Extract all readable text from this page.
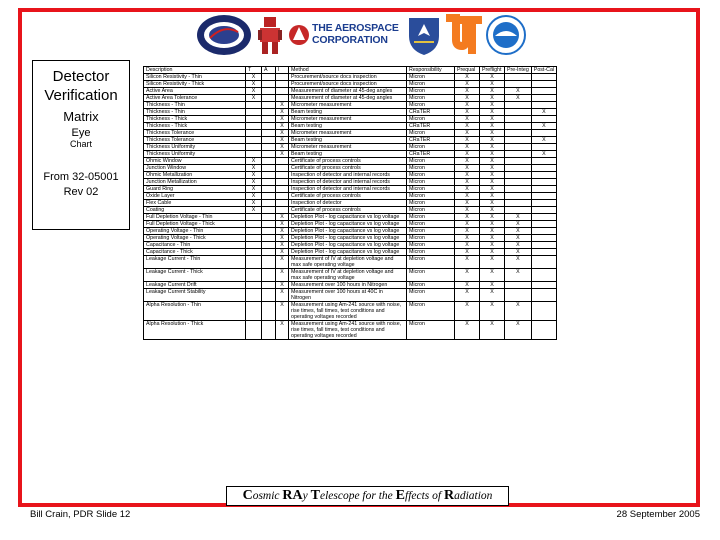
THE AEROSPACE
CORPORATION
Detector
Verification
Matrix
Eye
Chart
From 32-05001
Rev 02
Description	T	A	I	Method	Responsibility	Prequal	Preflight	Pre-Integ	Post-Cal
Silicon Resistivity - Thin	X			Procurement/source docs inspection	Micron	X	X		
Silicon Resistivity - Thick	X			Procurement/source docs inspection	Micron	X	X		
Active Area	X			Measurement of diameter at 45-deg angles	Micron	X	X	X	
Active Area Tolerance	X			Measurement of diameter at 45-deg angles	Micron	X	X	X	
Thickness - Thin			X	Micrometer measurement	Micron	X	X		
Thickness - Thin			X	Beam testing	CRaTER	X	X		X
Thickness - Thick			X	Micrometer measurement	Micron	X	X		
Thickness - Thick			X	Beam testing	CRaTER	X	X		X
Thickness Tolerance			X	Micrometer measurement	Micron	X	X		
Thickness Tolerance			X	Beam testing	CRaTER	X	X		X
Thickness Uniformity			X	Micrometer measurement	Micron	X	X		
Thickness Uniformity			X	Beam testing	CRaTER	X	X		X
Ohmic Window	X			Certificate of process controls	Micron	X	X		
Junction Window	X			Certificate of process controls	Micron	X	X		
Ohmic Metallization	X			Inspection of detector and internal records	Micron	X	X		
Junction Metallization	X			Inspection of detector and internal records	Micron	X	X		
Guard Ring	X			Inspection of detector and internal records	Micron	X	X		
Oxide Layer	X			Certificate of process controls	Micron	X	X		
Flex Cable	X			Inspection of detector	Micron	X	X		
Coating	X			Certificate of process controls	Micron	X	X		
Full Depletion Voltage - Thin			X	Depletion Plot - log capacitance vs log voltage	Micron	X	X	X	
Full Depletion Voltage - Thick			X	Depletion Plot - log capacitance vs log voltage	Micron	X	X	X	
Operating Voltage - Thin			X	Depletion Plot - log capacitance vs log voltage	Micron	X	X	X	
Operating Voltage - Thick			X	Depletion Plot - log capacitance vs log voltage	Micron	X	X	X	
Capacitance - Thin			X	Depletion Plot - log capacitance vs log voltage	Micron	X	X	X	
Capacitance - Thick			X	Depletion Plot - log capacitance vs log voltage	Micron	X	X	X	
Leakage Current - Thin			X	Measurement of IV at depletion voltage and max safe operating voltage	Micron	X	X	X	
Leakage Current - Thick			X	Measurement of IV at depletion voltage and max safe operating voltage	Micron	X	X	X	
Leakage Current Drift			X	Measurement over 100 hours in Nitrogen	Micron	X	X		
Leakage Current Stability			X	Measurement over 100 hours at 40C in Nitrogen	Micron	X	X		
Alpha Resolution - Thin			X	Measurement using Am-241 source with noise, rise times, fall times, test conditions and operating voltages recorded	Micron	X	X	X	
Alpha Resolution - Thick			X	Measurement using Am-241 source with noise, rise times, fall times, test conditions and operating voltages recorded	Micron	X	X	X	
Bill Crain, PDR Slide 12
Cosmic RAy Telescope for the Effects of Radiation
28 September 2005
